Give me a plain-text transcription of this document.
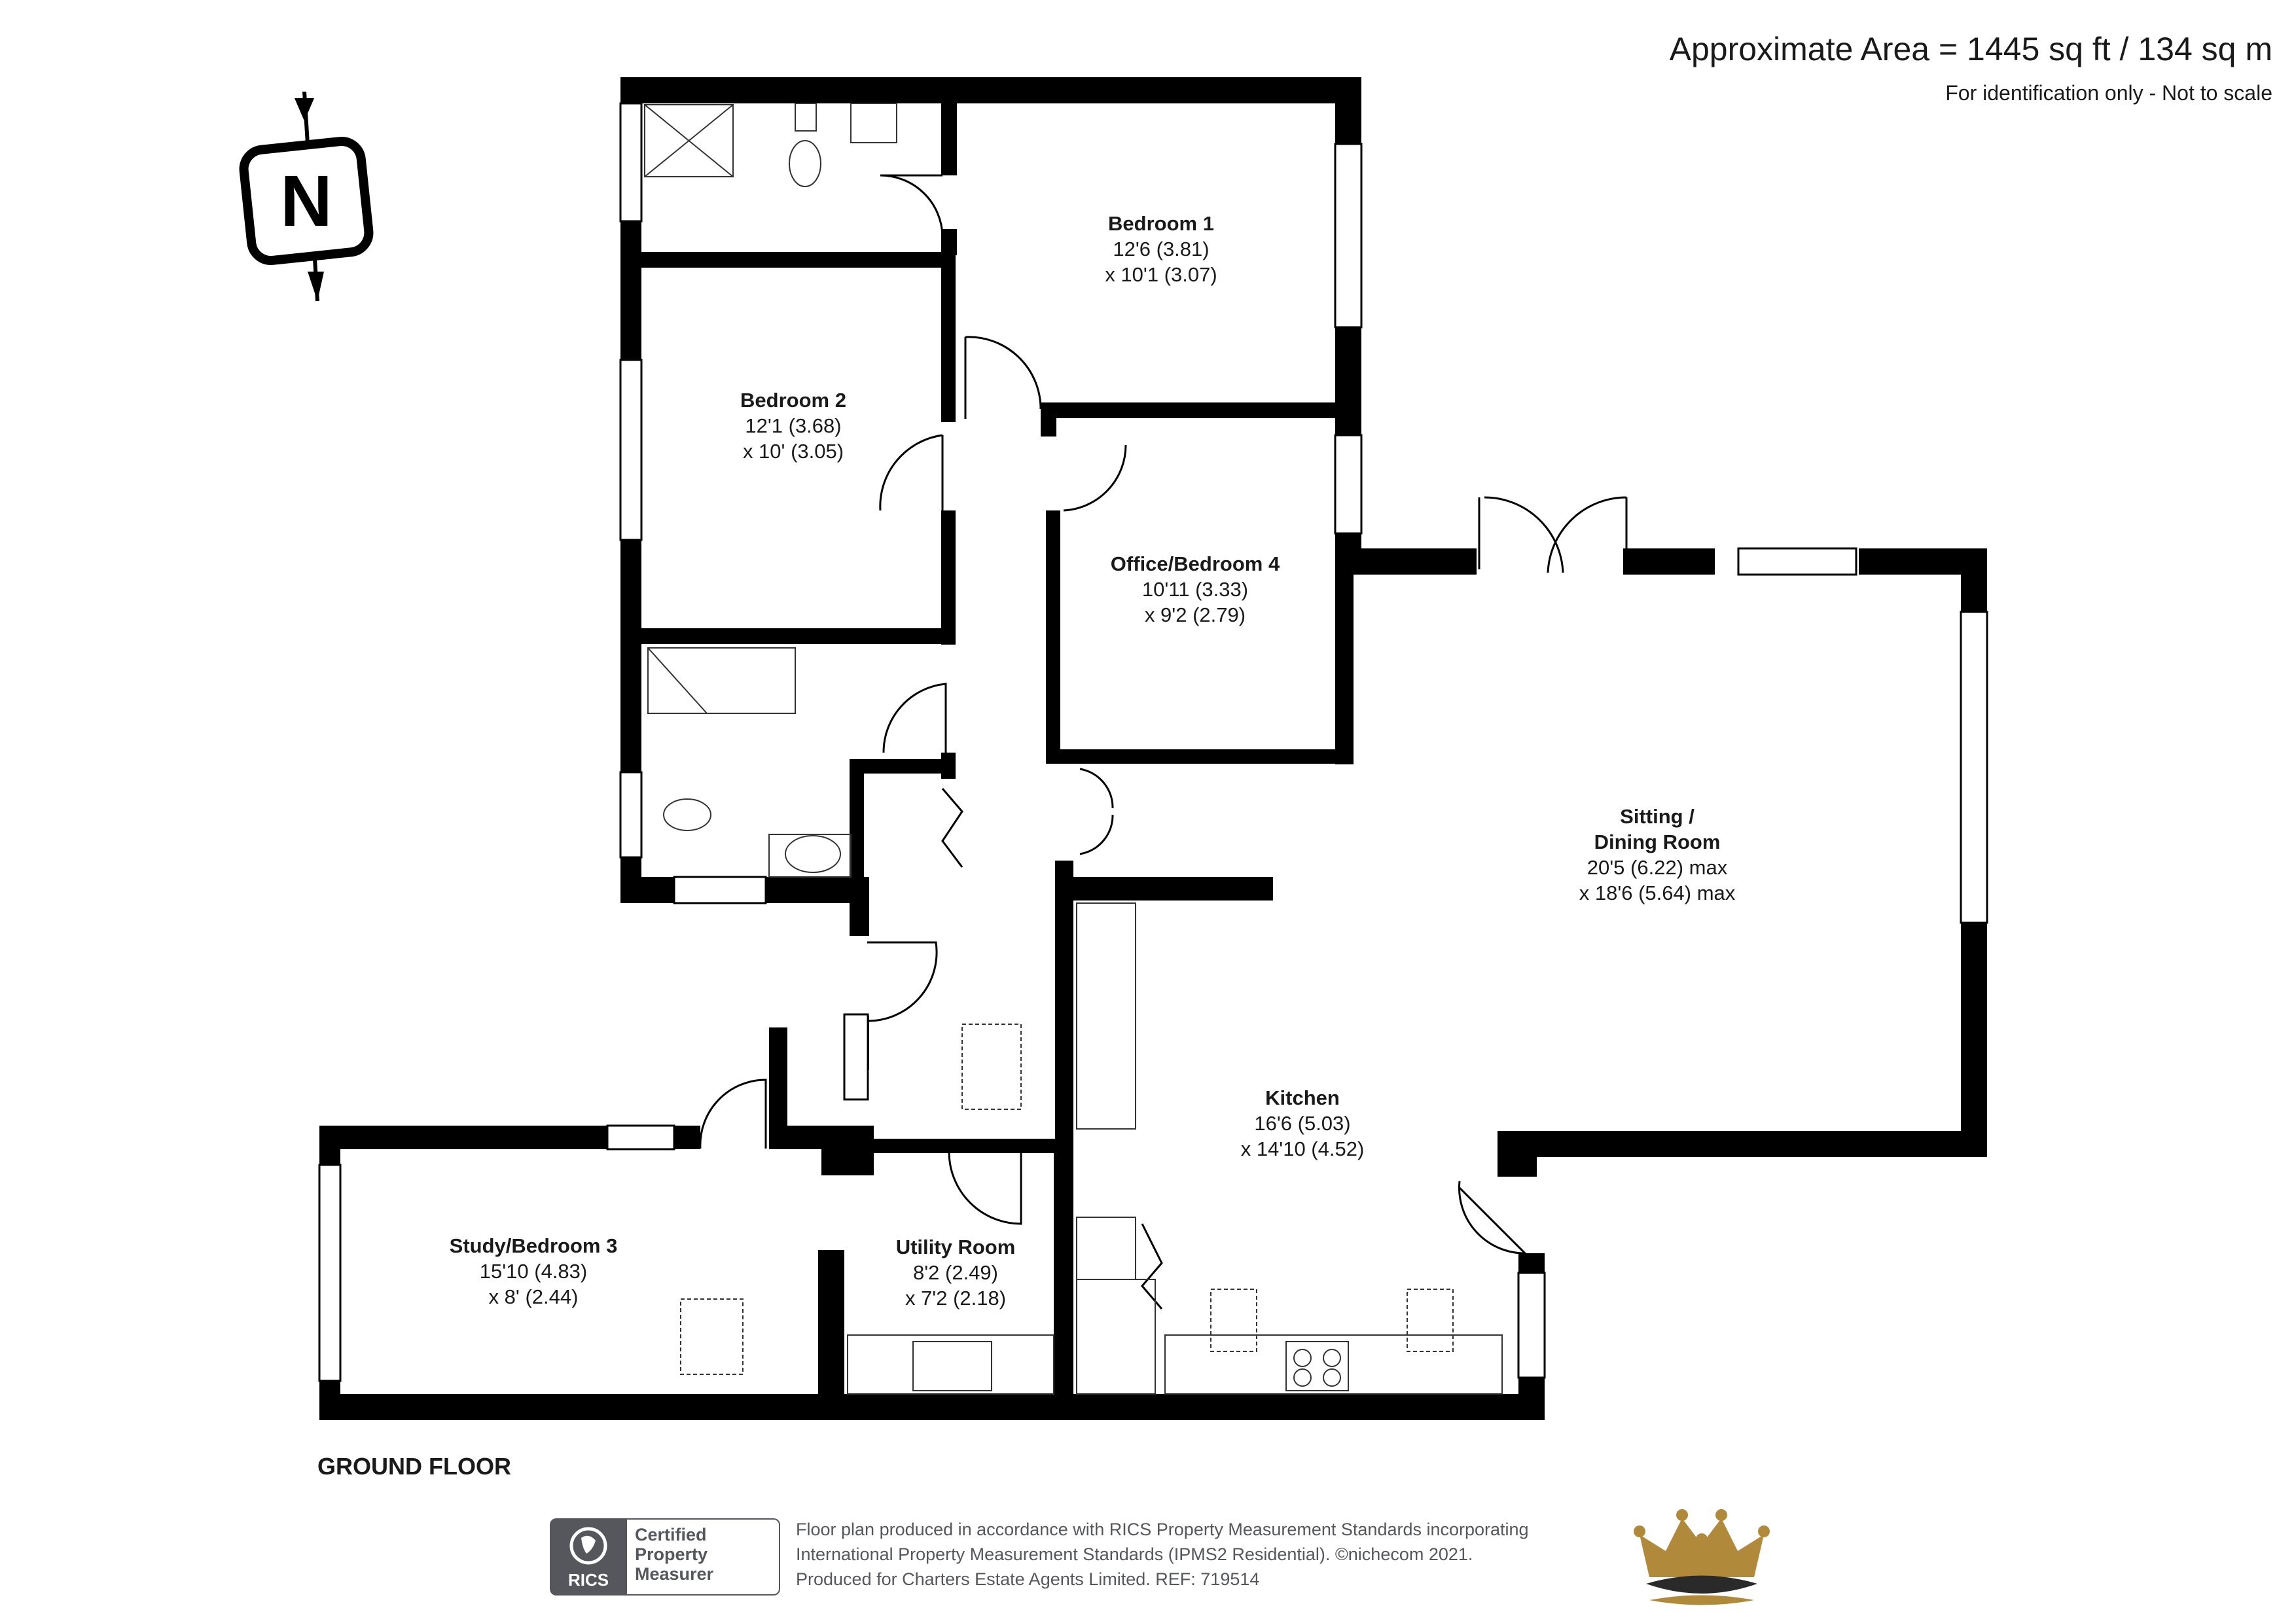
Approximate Area = 1445 sq ft / 134 sq m
For identification only - Not to scale
N	Bedroom 1
12'6 (3.81)
x 10'1 (3.07)
Bedroom 2
12'1 (3.68)
x 10' (3.05)
Office/Bedroom 4
10'11 (3.33)
x 9'2 (2.79)
Sitting /
Dining Room
20'5 (6.22) max
x 18'6 (5.64) max
Kitchen
16'6 (5.03)
x 14'10 (4.52)
Utility Room
8'2 (2.49)
x 7'2 (2.18)
Study/Bedroom 3
15'10 (4.83)
x 8' (2.44)
GROUND FLOOR
RICS
Certified
Property
Measurer
Floor plan produced in accordance with RICS Property Measurement Standards incorporating
International Property Measurement Standards (IPMS2 Residential). ©nichecom 2021.
Produced for Charters Estate Agents Limited. REF: 719514
